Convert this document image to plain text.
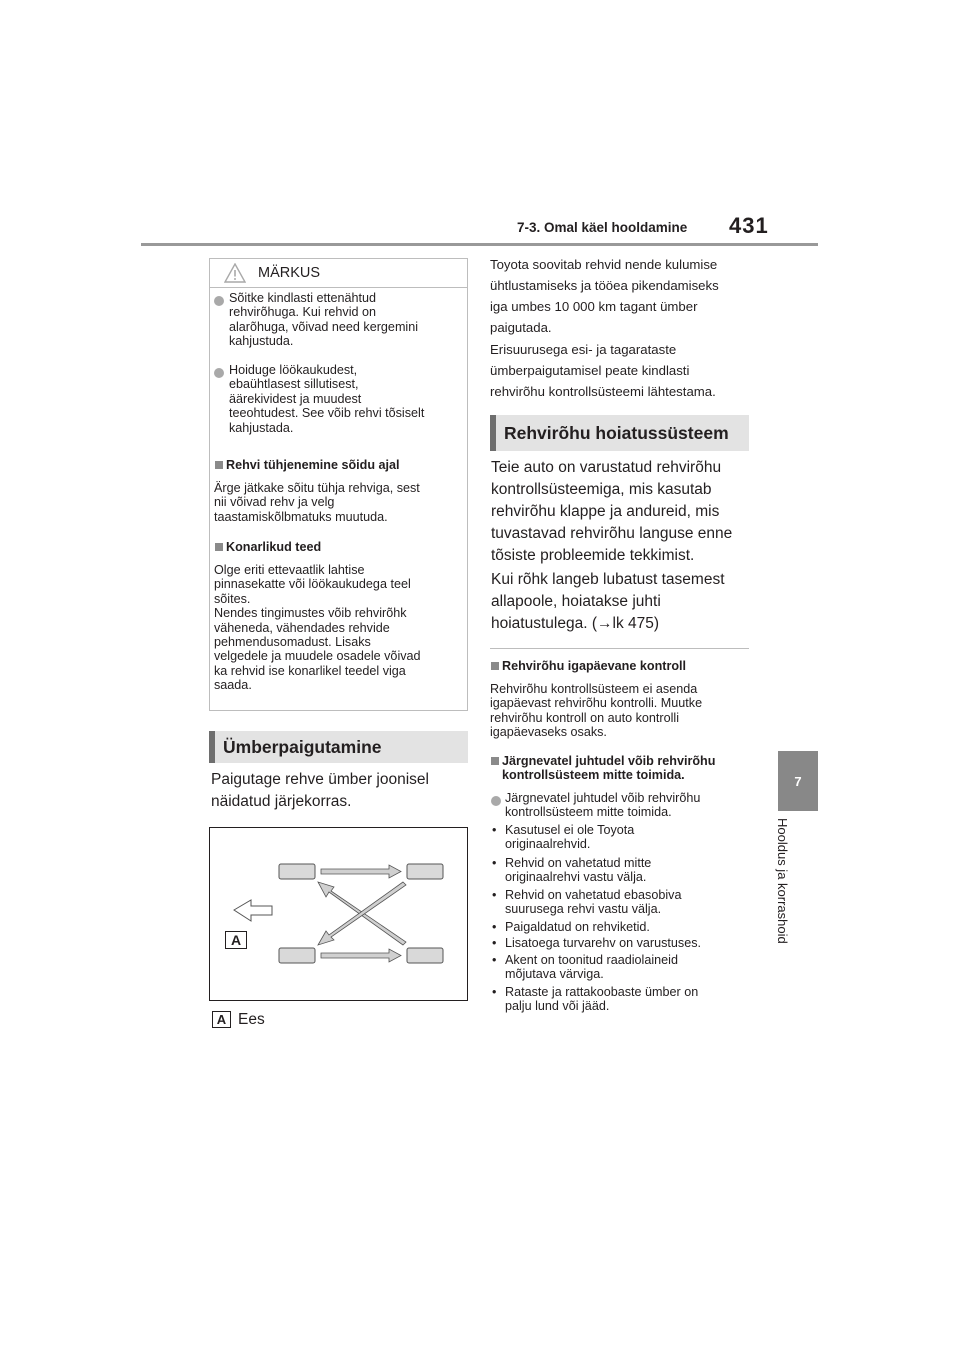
7-3. Omal käel hooldamine 431
7
Hooldus ja korrashoid
MÄRKUS
Sõitke kindlasti ettenähtud
rehvirõhuga. Kui rehvid on
alarõhuga, võivad need kergemini
kahjustuda.
Hoiduge löökaukudest,
ebaühtlasest sillutisest,
äärekividest ja muudest
teeohtudest. See võib rehvi tõsiselt
kahjustada.
Rehvi tühjenemine sõidu ajal
Ärge jätkake sõitu tühja rehviga, sest
nii võivad rehv ja velg
taastamiskõlbmatuks muutuda.
Konarlikud teed
Olge eriti ettevaatlik lahtise
pinnasekatte või löökaukudega teel
sõites.
Nendes tingimustes võib rehvirõhk
väheneda, vähendades rehvide
pehmendusomadust. Lisaks
velgedele ja muudele osadele võivad
ka rehvid ise konarlikel teedel viga
saada.
Ümberpaigutamine
Paigutage rehve ümber joonisel
näidatud järjekorras.
A
A Ees
Toyota soovitab rehvid nende kulumise
ühtlustamiseks ja tööea pikendamiseks
iga umbes 10 000 km tagant ümber
paigutada.
Erisuurusega esi- ja tagarataste
ümberpaigutamisel peate kindlasti
rehvirõhu kontrollsüsteemi lähtestama.
Rehvirõhu hoiatussüsteem
Teie auto on varustatud rehvirõhu
kontrollsüsteemiga, mis kasutab
rehvirõhu klappe ja andureid, mis
tuvastavad rehvirõhu languse enne
tõsiste probleemide tekkimist.
Kui rõhk langeb lubatust tasemest
allapoole, hoiatakse juhti
hoiatustulega. (→lk 475)
Rehvirõhu igapäevane kontroll
Rehvirõhu kontrollsüsteem ei asenda
igapäevast rehvirõhu kontrolli. Muutke
rehvirõhu kontroll on auto kontrolli
igapäevaseks osaks.
Järgnevatel juhtudel võib rehvirõhu
kontrollsüsteem mitte toimida.
Järgnevatel juhtudel võib rehvirõhu
kontrollsüsteem mitte toimida.
• Kasutusel ei ole Toyota
originaalrehvid.
• Rehvid on vahetatud mitte
originaalrehvi vastu välja.
• Rehvid on vahetatud ebasobiva
suurusega rehvi vastu välja.
• Paigaldatud on rehviketid.
• Lisatoega turvarehv on varustuses.
• Akent on toonitud raadiolaineid
mõjutava värviga.
• Rataste ja rattakoobaste ümber on
palju lund või jääd.
